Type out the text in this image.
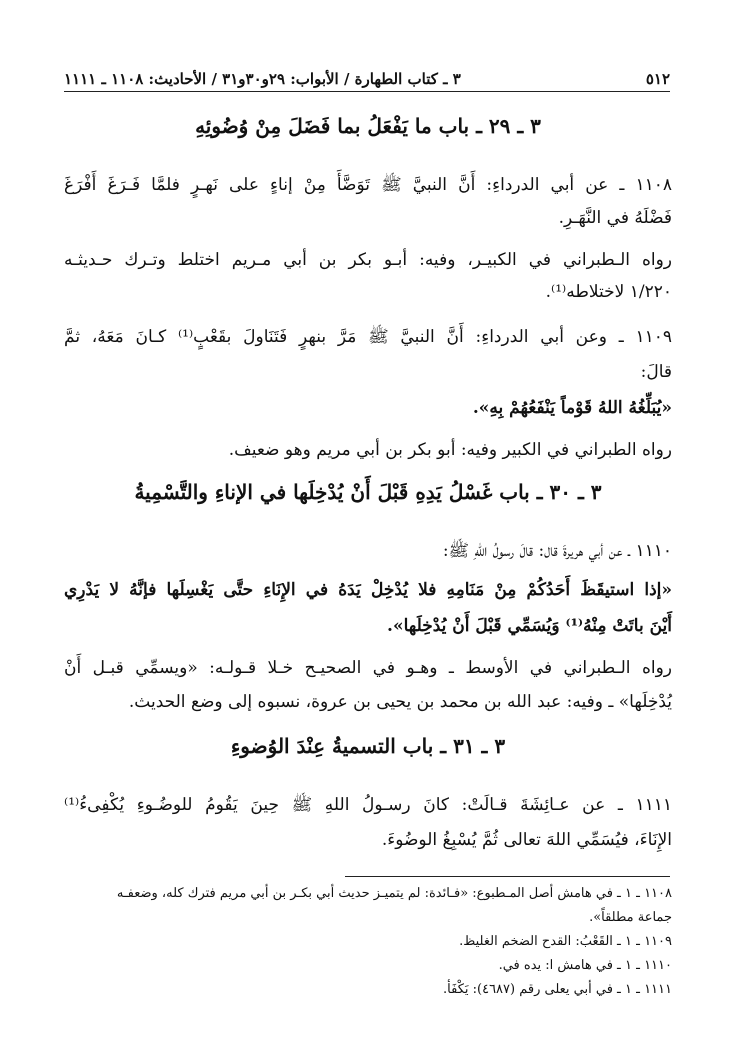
٥١٢
٣ ـ كتاب الطهارة / الأبواب: ٢٩و٣٠و٣١ / الأحاديث: ١١٠٨ ـ ١١١١
٣ ـ ٢٩ ـ باب ما يَفْعَلُ بما فَضَلَ مِنْ وُضُوئِهِ
١١٠٨ ـ عن أبي الدرداءِ: أَنَّ النبيَّ ﷺ تَوَضَّأَ مِنْ إناءٍ على نَهـرٍ فلمَّا فَـرَغَ أَفْرَغَ
فَضْلَهُ في النَّهَـرِ.
رواه الـطبراني في الكبيـر، وفيه: أبـو بكر بن أبي مـريم اختلط وتـرك حـديثـه
١/٢٢٠ لاختلاطه⁽¹⁾.
١١٠٩ ـ وعن أبي الدرداءِ: أَنَّ النبيَّ ﷺ مَرَّ بنهرٍ فَتَنَاولَ بقَعْبٍ⁽¹⁾ كـانَ مَعَهُ، ثمَّ
قالَ:
«يُبَلِّغُهُ اللهُ قَوْماً يَنْفَعُهُمْ بِهِ».
رواه الطبراني في الكبير وفيه: أبو بكر بن أبي مريم وهو ضعيف.
٣ ـ ٣٠ ـ باب غَسْلُ يَدِهِ قَبْلَ أَنْ يُدْخِلَها في الإناءِ والتَّسْمِيةُ
١١١٠ ـ عن أبي هريرةَ قال: قالَ رسولُ اللهِ ﷺ:
«إذا استيقَظَ أَحَدُكُمْ مِنْ مَنَامِهِ فلا يُدْخِلْ يَدَهُ في الإِنَاءِ حتَّى يَغْسِلَها فإنَّهُ لا يَدْرِي
أَيْنَ باتَتْ مِنْهُ⁽¹⁾ وَيُسَمِّي قَبْلَ أَنْ يُدْخِلَها».
رواه الـطبراني في الأوسط ـ وهـو في الصحيـح خـلا قـولـه: «ويسمِّي قبـل أَنْ
يُدْخِلَها» ـ وفيه: عبد الله بن محمد بن يحيى بن عروة، نسبوه إلى وضع الحديث.
٣ ـ ٣١ ـ باب التسميةُ عِنْدَ الوُضوءِ
١١١١ ـ عن عـائِشَةَ قـالَتْ: كانَ رسـولُ اللهِ ﷺ حِينَ يَقُومُ للوضُـوءِ يُكْفِىءُ⁽¹⁾
الإِنَاءَ، فيُسَمِّي اللهَ تعالى ثُمَّ يُسْبِغُ الوضُوءَ.
١١٠٨ ـ ١ ـ في هامش أصل المـطبوع: «فـائدة: لم يتميـز حديث أبي بكـر بن أبي مريم فترك كله، وضعفـه
جماعة مطلقاً».
١١٠٩ ـ ١ ـ القَعْبُ: القدح الضخم الغليظ.
١١١٠ ـ ١ ـ في هامش ا: يده في.
١١١١ ـ ١ ـ في أبي يعلى رقم (٤٦٨٧): يَكْفَأ.
